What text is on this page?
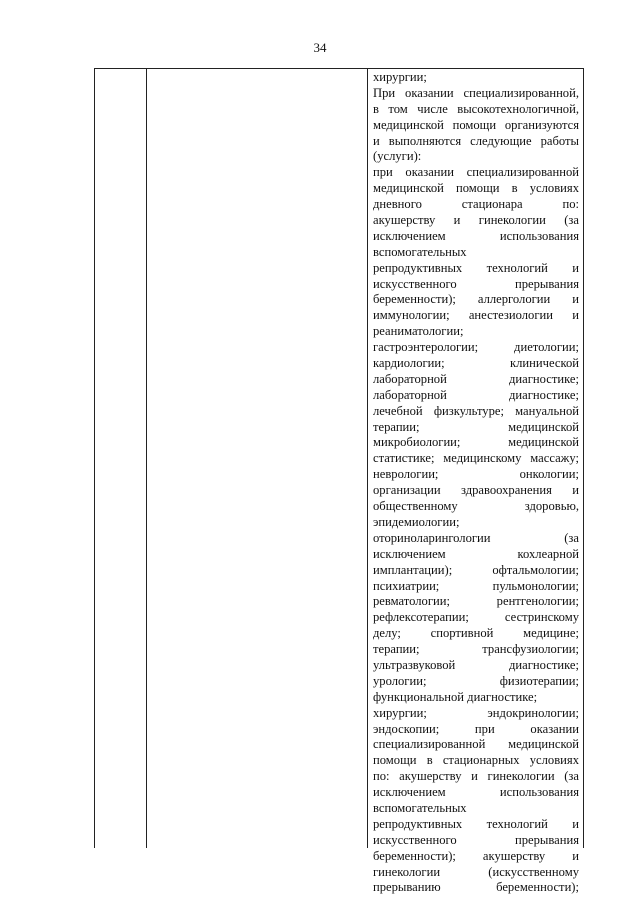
34
хирургии;
При оказании специализированной,
в том числе высокотехнологичной,
медицинской помощи организуются
и выполняются следующие работы
(услуги):
при оказании специализированной
медицинской помощи в условиях
дневного стационара по:
акушерству и гинекологии (за
исключением использования
вспомогательных
репродуктивных технологий и
искусственного прерывания
беременности); аллергологии и
иммунологии; анестезиологии и
реаниматологии;
гастроэнтерологии; диетологии;
кардиологии; клинической
лабораторной диагностике;
лабораторной диагностике;
лечебной физкультуре; мануальной
терапии; медицинской
микробиологии; медицинской
статистике; медицинскому массажу;
неврологии; онкологии;
организации здравоохранения и
общественному здоровью,
эпидемиологии;
оториноларингологии (за
исключением кохлеарной
имплантации); офтальмологии;
психиатрии; пульмонологии;
ревматологии; рентгенологии;
рефлексотерапии; сестринскому
делу; спортивной медицине;
терапии; трансфузиологии;
ультразвуковой диагностике;
урологии; физиотерапии;
функциональной диагностике;
хирургии; эндокринологии;
эндоскопии; при оказании
специализированной медицинской
помощи в стационарных условиях
по: акушерству и гинекологии (за
исключением использования
вспомогательных
репродуктивных технологий и
искусственного прерывания
беременности); акушерству и
гинекологии (искусственному
прерыванию беременности);
